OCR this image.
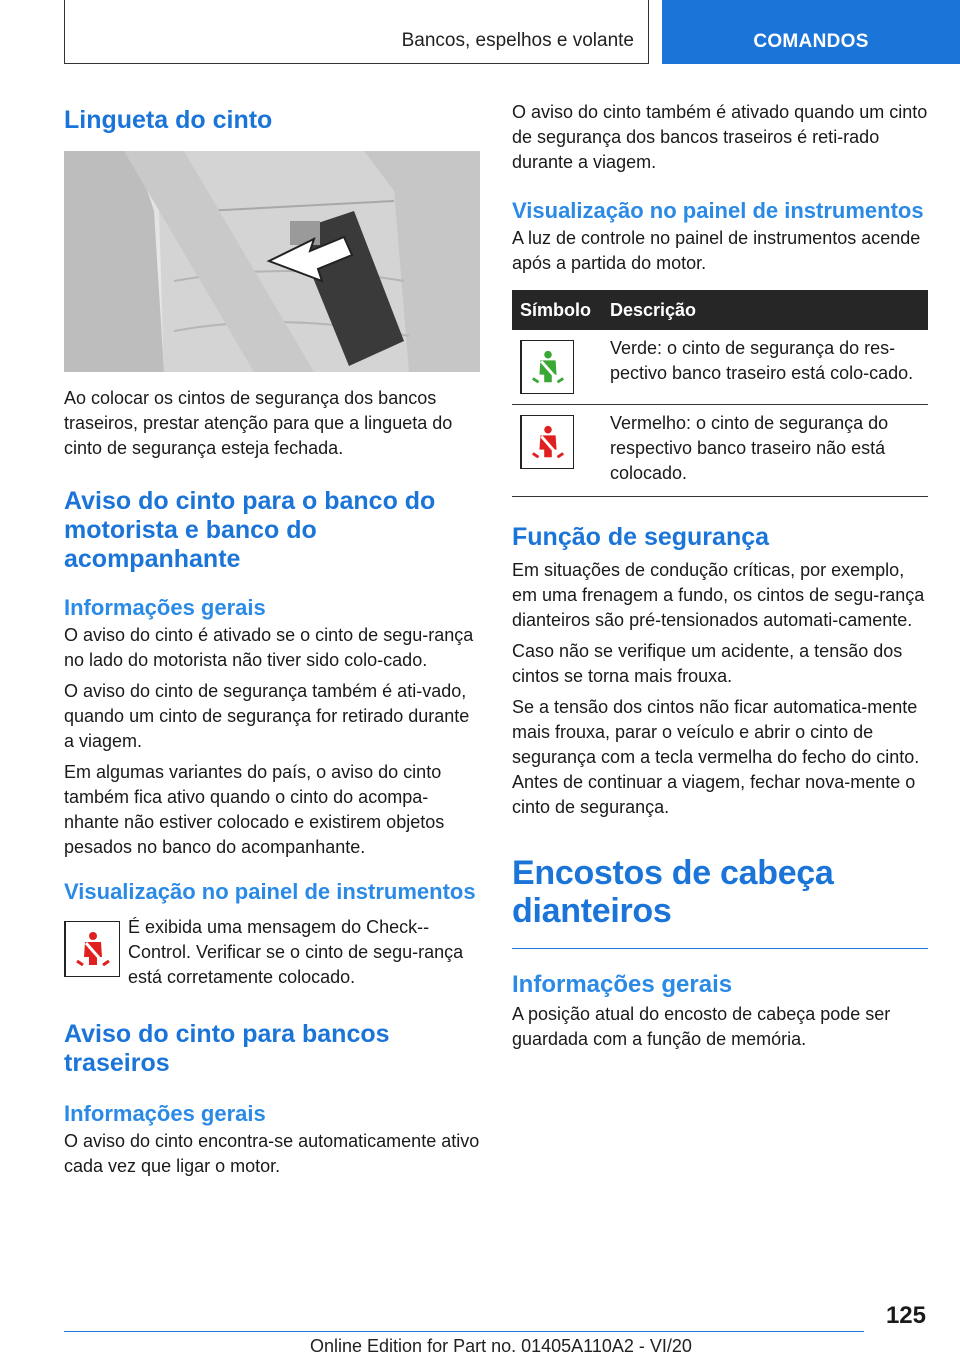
Bancos, espelhos e volante	COMANDOS
Lingueta do cinto

Ao colocar os cintos de segurança dos bancos traseiros, prestar atenção para que a lingueta do cinto de segurança esteja fechada.

Aviso do cinto para o banco do motorista e banco do acompanhante
Informações gerais

O aviso do cinto é ativado se o cinto de segu-rança no lado do motorista não tiver sido colo-cado.

O aviso do cinto de segurança também é ati-vado, quando um cinto de segurança for retirado durante a viagem.

Em algumas variantes do país, o aviso do cinto também fica ativo quando o cinto do acompa-nhante não estiver colocado e existirem objetos pesados no banco do acompanhante.

Visualização no painel de instrumentos

É exibida uma mensagem do Check--Control. Verificar se o cinto de segu-rança está corretamente colocado.

Aviso do cinto para bancos traseiros
Informações gerais

O aviso do cinto encontra-se automaticamente ativo cada vez que ligar o motor.

O aviso do cinto também é ativado quando um cinto de segurança dos bancos traseiros é reti-rado durante a viagem.

Visualização no painel de instrumentos

A luz de controle no painel de instrumentos acende após a partida do motor.

Símbolo	Descrição

	Verde: o cinto de segurança do res-pectivo banco traseiro está colo-cado.

	Vermelho: o cinto de segurança do respectivo banco traseiro não está colocado.
Função de segurança

Em situações de condução críticas, por exemplo, em uma frenagem a fundo, os cintos de segu-rança dianteiros são pré-tensionados automati-camente.

Caso não se verifique um acidente, a tensão dos cintos se torna mais frouxa.

Se a tensão dos cintos não ficar automatica-mente mais frouxa, parar o veículo e abrir o cinto de segurança com a tecla vermelha do fecho do cinto. Antes de continuar a viagem, fechar nova-mente o cinto de segurança.

Encostos de cabeça dianteiros
Informações gerais

A posição atual do encosto de cabeça pode ser guardada com a função de memória.

125
Online Edition for Part no. 01405A110A2 - VI/20
